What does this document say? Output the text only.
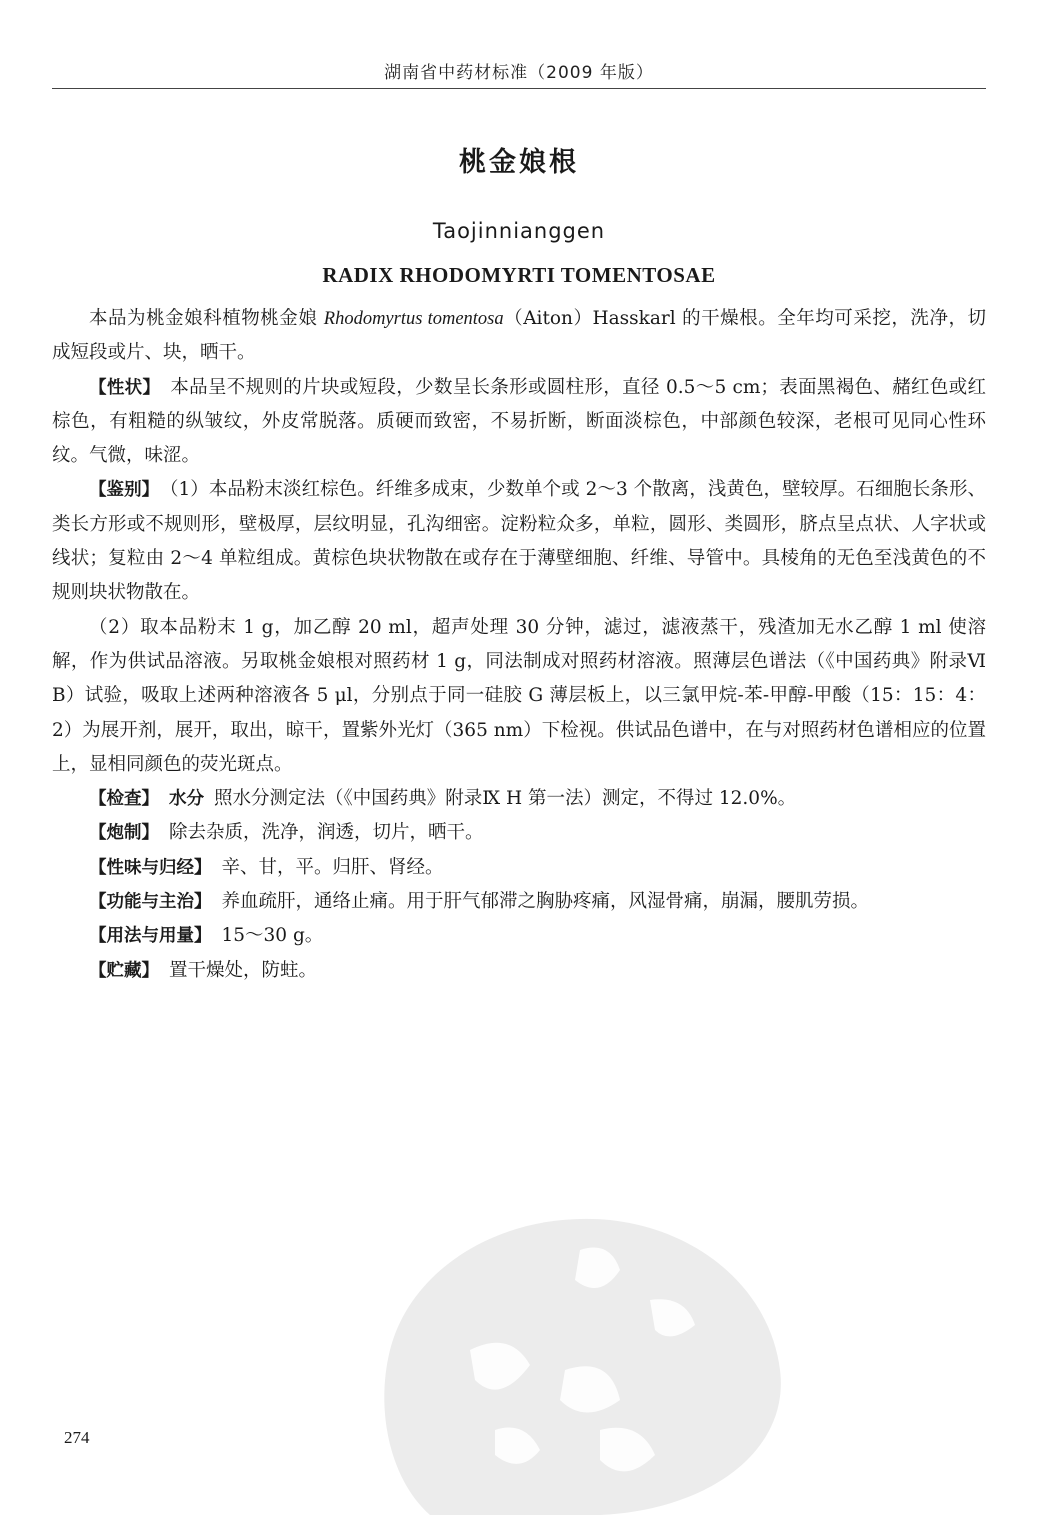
湖南省中药材标准（2009 年版）
桃金娘根
Taojinnianggen
RADIX RHODOMYRTI TOMENTOSAE

本品为桃金娘科植物桃金娘 Rhodomyrtus tomentosa（Aiton）Hasskarl 的干燥根。全年均可采挖，洗净，切成短段或片、块，晒干。

【性状】 本品呈不规则的片块或短段，少数呈长条形或圆柱形，直径 0.5～5 cm；表面黑褐色、赭红色或红棕色，有粗糙的纵皱纹，外皮常脱落。质硬而致密，不易折断，断面淡棕色，中部颜色较深，老根可见同心性环纹。气微，味涩。

【鉴别】 （1）本品粉末淡红棕色。纤维多成束，少数单个或 2～3 个散离，浅黄色，壁较厚。石细胞长条形、类长方形或不规则形，壁极厚，层纹明显，孔沟细密。淀粉粒众多，单粒，圆形、类圆形，脐点呈点状、人字状或线状；复粒由 2～4 单粒组成。黄棕色块状物散在或存在于薄壁细胞、纤维、导管中。具棱角的无色至浅黄色的不规则块状物散在。

（2）取本品粉末 1 g，加乙醇 20 ml，超声处理 30 分钟，滤过，滤液蒸干，残渣加无水乙醇 1 ml 使溶解，作为供试品溶液。另取桃金娘根对照药材 1 g，同法制成对照药材溶液。照薄层色谱法（《中国药典》附录Ⅵ B）试验，吸取上述两种溶液各 5 μl，分别点于同一硅胶 G 薄层板上，以三氯甲烷-苯-甲醇-甲酸（15：15：4：2）为展开剂，展开，取出，晾干，置紫外光灯（365 nm）下检视。供试品色谱中，在与对照药材色谱相应的位置上，显相同颜色的荧光斑点。

【检查】 水分 照水分测定法（《中国药典》附录Ⅸ H 第一法）测定，不得过 12.0%。

【炮制】 除去杂质，洗净，润透，切片，晒干。

【性味与归经】 辛、甘，平。归肝、肾经。

【功能与主治】 养血疏肝，通络止痛。用于肝气郁滞之胸胁疼痛，风湿骨痛，崩漏，腰肌劳损。

【用法与用量】 15～30 g。

【贮藏】 置干燥处，防蛀。

274
